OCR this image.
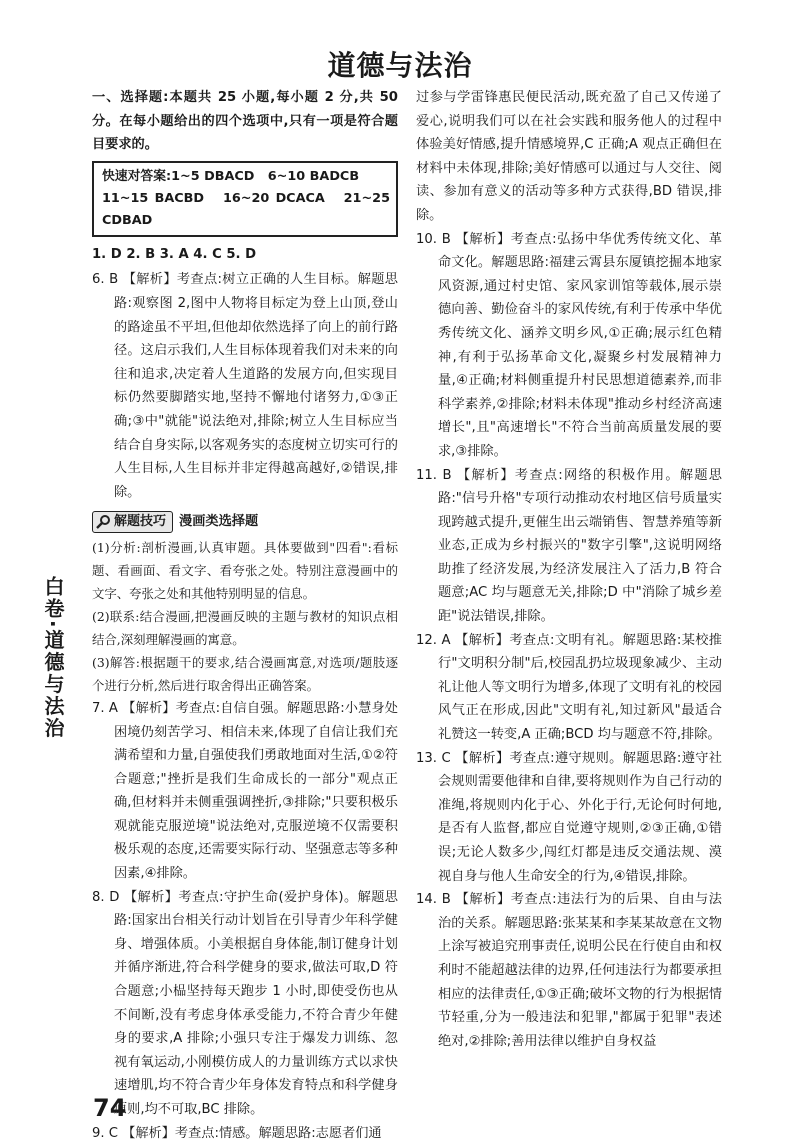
道德与法治
白卷·道德与法治

一、选择题:本题共 25 小题,每小题 2 分,共 50 分。在每小题给出的四个选项中,只有一项是符合题目要求的。

快速对答案:1~5 DBACD 6~10 BADCB
11~15 BACBD 16~20 DCACA 21~25 CDBAD

1. D 2. B 3. A 4. C 5. D

6. B 【解析】考查点:树立正确的人生目标。解题思路:观察图 2,图中人物将目标定为登上山顶,登山的路途虽不平坦,但他却依然选择了向上的前行路径。这启示我们,人生目标体现着我们对未来的向往和追求,决定着人生道路的发展方向,但实现目标仍然要脚踏实地,坚持不懈地付诸努力,①③正确;③中"就能"说法绝对,排除;树立人生目标应当结合自身实际,以客观务实的态度树立切实可行的人生目标,人生目标并非定得越高越好,②错误,排除。

解题技巧 漫画类选择题

(1)分析:剖析漫画,认真审题。具体要做到"四看":看标题、看画面、看文字、看夸张之处。特别注意漫画中的文字、夸张之处和其他特别明显的信息。

(2)联系:结合漫画,把漫画反映的主题与教材的知识点相结合,深刻理解漫画的寓意。

(3)解答:根据题干的要求,结合漫画寓意,对选项/题肢逐个进行分析,然后进行取舍得出正确答案。

7. A 【解析】考查点:自信自强。解题思路:小慧身处困境仍刻苦学习、相信未来,体现了自信让我们充满希望和力量,自强使我们勇敢地面对生活,①②符合题意;"挫折是我们生命成长的一部分"观点正确,但材料并未侧重强调挫折,③排除;"只要积极乐观就能克服逆境"说法绝对,克服逆境不仅需要积极乐观的态度,还需要实际行动、坚强意志等多种因素,④排除。

8. D 【解析】考查点:守护生命(爱护身体)。解题思路:国家出台相关行动计划旨在引导青少年科学健身、增强体质。小美根据自身体能,制订健身计划并循序渐进,符合科学健身的要求,做法可取,D 符合题意;小榀坚持每天跑步 1 小时,即使受伤也从不间断,没有考虑身体承受能力,不符合青少年健身的要求,A 排除;小强只专注于爆发力训练、忽视有氧运动,小刚模仿成人的力量训练方式以求快速增肌,均不符合青少年身体发育特点和科学健身原则,均不可取,BC 排除。

9. C 【解析】考查点:情感。解题思路:志愿者们通

过参与学雷锋惠民便民活动,既充盈了自己又传递了爱心,说明我们可以在社会实践和服务他人的过程中体验美好情感,提升情感境界,C 正确;A 观点正确但在材料中未体现,排除;美好情感可以通过与人交往、阅读、参加有意义的活动等多种方式获得,BD 错误,排除。

10. B 【解析】考查点:弘扬中华优秀传统文化、革命文化。解题思路:福建云霄县东厦镇挖掘本地家风资源,通过村史馆、家风家训馆等载体,展示崇德向善、勤俭奋斗的家风传统,有利于传承中华优秀传统文化、涵养文明乡风,①正确;展示红色精神,有利于弘扬革命文化,凝聚乡村发展精神力量,④正确;材料侧重提升村民思想道德素养,而非科学素养,②排除;材料未体现"推动乡村经济高速增长",且"高速增长"不符合当前高质量发展的要求,③排除。

11. B 【解析】考查点:网络的积极作用。解题思路:"信号升格"专项行动推动农村地区信号质量实现跨越式提升,更催生出云端销售、智慧养殖等新业态,正成为乡村振兴的"数字引擎",这说明网络助推了经济发展,为经济发展注入了活力,B 符合题意;AC 均与题意无关,排除;D 中"消除了城乡差距"说法错误,排除。

12. A 【解析】考查点:文明有礼。解题思路:某校推行"文明积分制"后,校园乱扔垃圾现象减少、主动礼让他人等文明行为增多,体现了文明有礼的校园风气正在形成,因此"文明有礼,知过新风"最适合礼赞这一转变,A 正确;BCD 均与题意不符,排除。

13. C 【解析】考查点:遵守规则。解题思路:遵守社会规则需要他律和自律,要将规则作为自己行动的准绳,将规则内化于心、外化于行,无论何时何地,是否有人监督,都应自觉遵守规则,②③正确,①错误;无论人数多少,闯红灯都是违反交通法规、漠视自身与他人生命安全的行为,④错误,排除。

14. B 【解析】考查点:违法行为的后果、自由与法治的关系。解题思路:张某某和李某某故意在文物上涂写被追究刑事责任,说明公民在行使自由和权利时不能超越法律的边界,任何违法行为都要承担相应的法律责任,①③正确;破坏文物的行为根据情节轻重,分为一般违法和犯罪,"都属于犯罪"表述绝对,②排除;善用法律以维护自身权益

74
